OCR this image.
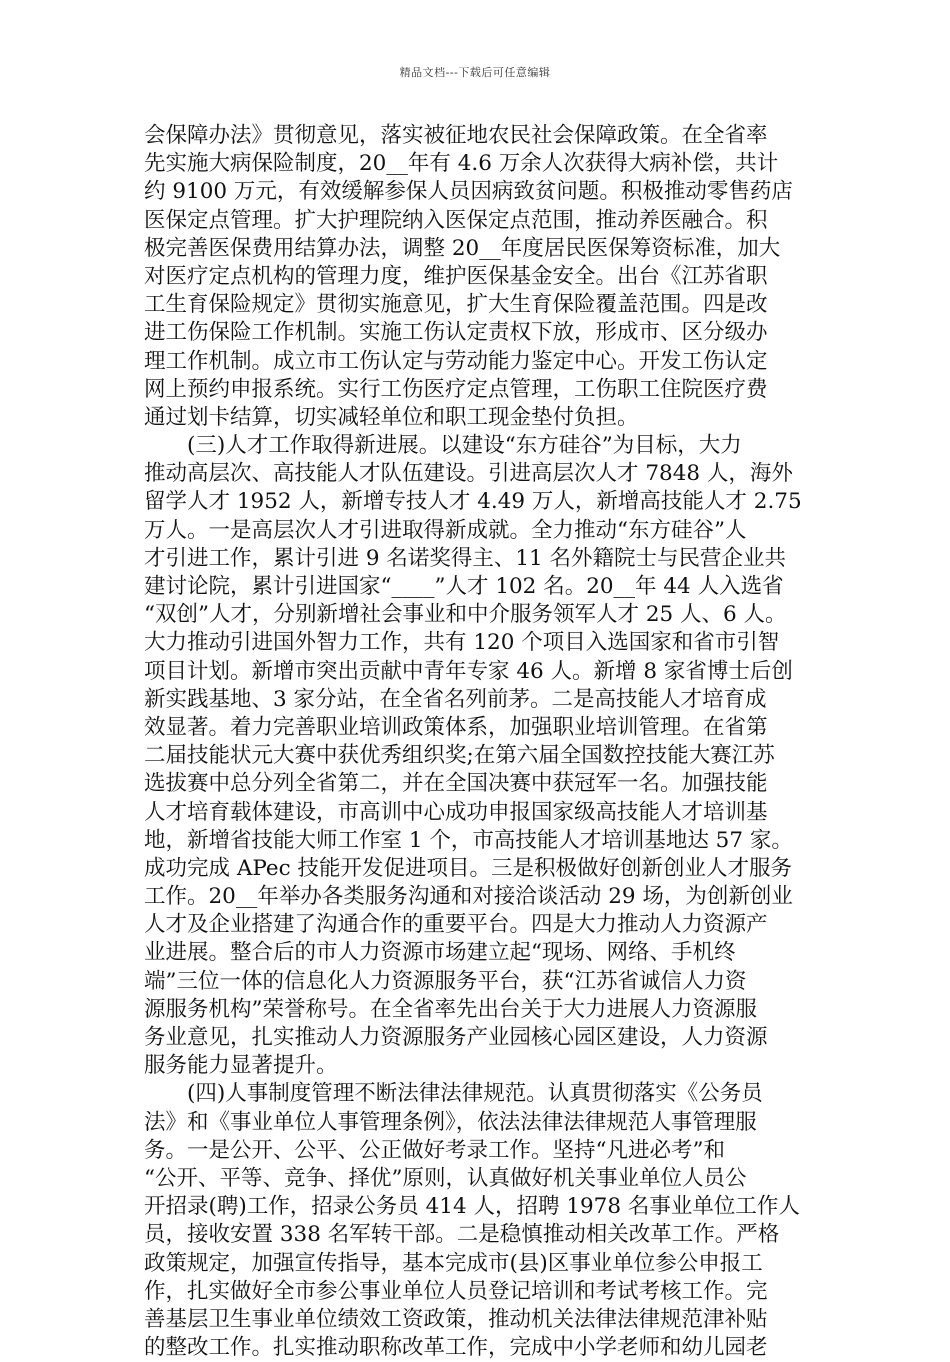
精品文档---下载后可任意编辑
会保障办法》贯彻意见，落实被征地农民社会保障政策。在全省率
先实施大病保险制度，20__年有 4.6 万余人次获得大病补偿，共计
约 9100 万元，有效缓解参保人员因病致贫问题。积极推动零售药店
医保定点管理。扩大护理院纳入医保定点范围，推动养医融合。积
极完善医保费用结算办法，调整 20__年度居民医保筹资标准，加大
对医疗定点机构的管理力度，维护医保基金安全。出台《江苏省职
工生育保险规定》贯彻实施意见，扩大生育保险覆盖范围。四是改
进工伤保险工作机制。实施工伤认定责权下放，形成市、区分级办
理工作机制。成立市工伤认定与劳动能力鉴定中心。开发工伤认定
网上预约申报系统。实行工伤医疗定点管理，工伤职工住院医疗费
通过划卡结算，切实减轻单位和职工现金垫付负担。
　　(三)人才工作取得新进展。以建设“东方硅谷”为目标，大力
推动高层次、高技能人才队伍建设。引进高层次人才 7848 人，海外
留学人才 1952 人，新增专技人才 4.49 万人，新增高技能人才 2.75
万人。一是高层次人才引进取得新成就。全力推动“东方硅谷”人
才引进工作，累计引进 9 名诺奖得主、11 名外籍院士与民营企业共
建讨论院，累计引进国家“____”人才 102 名。20__年 44 人入选省
“双创”人才，分别新增社会事业和中介服务领军人才 25 人、6 人。
大力推动引进国外智力工作，共有 120 个项目入选国家和省市引智
项目计划。新增市突出贡献中青年专家 46 人。新增 8 家省博士后创
新实践基地、3 家分站，在全省名列前茅。二是高技能人才培育成
效显著。着力完善职业培训政策体系，加强职业培训管理。在省第
二届技能状元大赛中获优秀组织奖;在第六届全国数控技能大赛江苏
选拔赛中总分列全省第二，并在全国决赛中获冠军一名。加强技能
人才培育载体建设，市高训中心成功申报国家级高技能人才培训基
地，新增省技能大师工作室 1 个，市高技能人才培训基地达 57 家。
成功完成 APec 技能开发促进项目。三是积极做好创新创业人才服务
工作。20__年举办各类服务沟通和对接洽谈活动 29 场，为创新创业
人才及企业搭建了沟通合作的重要平台。四是大力推动人力资源产
业进展。整合后的市人力资源市场建立起“现场、网络、手机终
端”三位一体的信息化人力资源服务平台，获“江苏省诚信人力资
源服务机构”荣誉称号。在全省率先出台关于大力进展人力资源服
务业意见，扎实推动人力资源服务产业园核心园区建设，人力资源
服务能力显著提升。
　　(四)人事制度管理不断法律法律规范。认真贯彻落实《公务员
法》和《事业单位人事管理条例》，依法法律法律规范人事管理服
务。一是公开、公平、公正做好考录工作。坚持“凡进必考”和
“公开、平等、竞争、择优”原则，认真做好机关事业单位人员公
开招录(聘)工作，招录公务员 414 人，招聘 1978 名事业单位工作人
员，接收安置 338 名军转干部。二是稳慎推动相关改革工作。严格
政策规定，加强宣传指导，基本完成市(县)区事业单位参公申报工
作，扎实做好全市参公事业单位人员登记培训和考试考核工作。完
善基层卫生事业单位绩效工资政策，推动机关法律法律规范津补贴
的整改工作。扎实推动职称改革工作，完成中小学老师和幼儿园老
